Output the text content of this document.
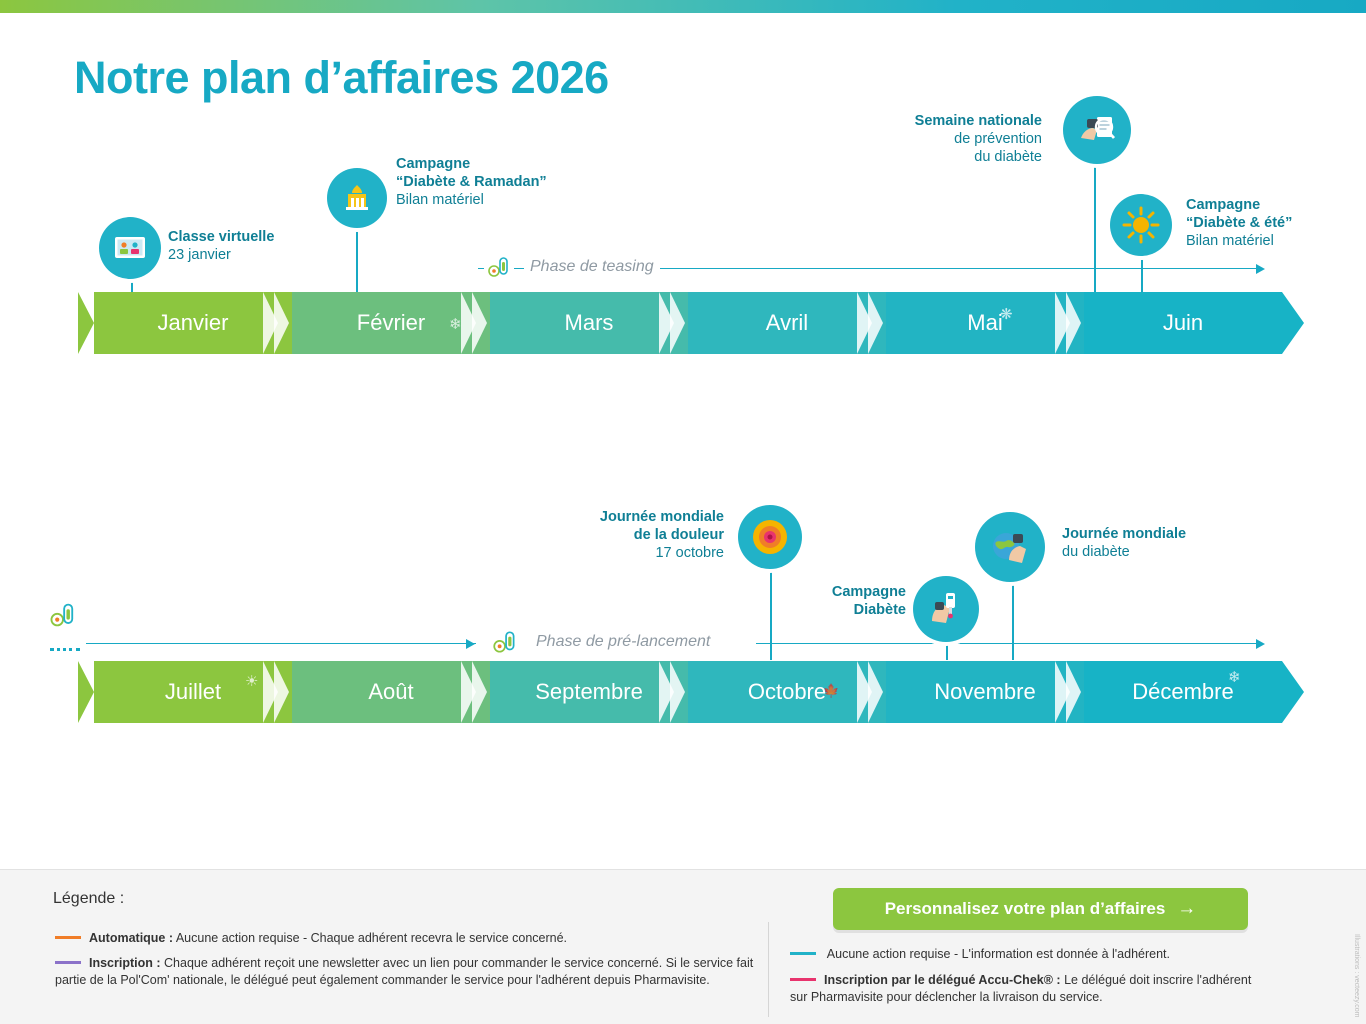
Notre plan d’affaires 2026
Phase de teasing
Classe virtuelle
23 janvier
Campagne
“Diabète & Ramadan”
Bilan matériel
Semaine nationale
de prévention
du diabète
Campagne
“Diabète & été”
Bilan matériel
Janvier	Février	Mars	Avril	Mai	Juin
❄
❋
Phase de pré-lancement
Journée mondiale
de la douleur
17 octobre
Campagne
Diabète
Journée mondiale
du diabète
Juillet	Août	Septembre	Octobre	Novembre	Décembre
☀
🍁
❄
Légende :
Automatique : Aucune action requise - Chaque adhérent recevra le service concerné.
Inscription : Chaque adhérent reçoit une newsletter avec un lien pour commander le service concerné. Si le service fait partie de la Pol'Com' nationale, le délégué peut également commander le service pour l'adhérent depuis Pharmavisite.
Aucune action requise - L'information est donnée à l'adhérent.
Inscription par le délégué Accu-Chek® : Le délégué doit inscrire l'adhérent sur Pharmavisite pour déclencher la livraison du service.
Personnalisez votre plan d’affaires →
Illustrations : vecteezy.com
